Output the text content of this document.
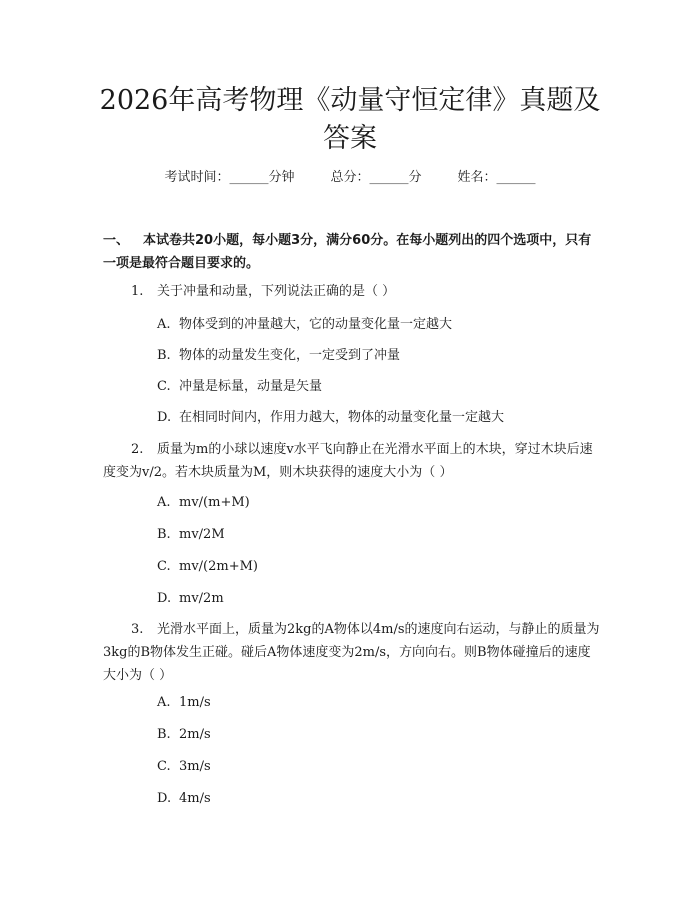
2026年高考物理《动量守恒定律》真题及答案
考试时间：______分钟	总分：______分	姓名：______
一、 本试卷共20小题，每小题3分，满分60分。在每小题列出的四个选项中，只有一项是最符合题目要求的。
1. 关于冲量和动量，下列说法正确的是（ ）
A. 物体受到的冲量越大，它的动量变化量一定越大
B. 物体的动量发生变化，一定受到了冲量
C. 冲量是标量，动量是矢量
D. 在相同时间内，作用力越大，物体的动量变化量一定越大
2. 质量为m的小球以速度v水平飞向静止在光滑水平面上的木块，穿过木块后速度变为v/2。若木块质量为M，则木块获得的速度大小为（ ）
A. mv/(m+M)
B. mv/2M
C. mv/(2m+M)
D. mv/2m
3. 光滑水平面上，质量为2kg的A物体以4m/s的速度向右运动，与静止的质量为3kg的B物体发生正碰。碰后A物体速度变为2m/s，方向向右。则B物体碰撞后的速度大小为（ ）
A. 1m/s
B. 2m/s
C. 3m/s
D. 4m/s
